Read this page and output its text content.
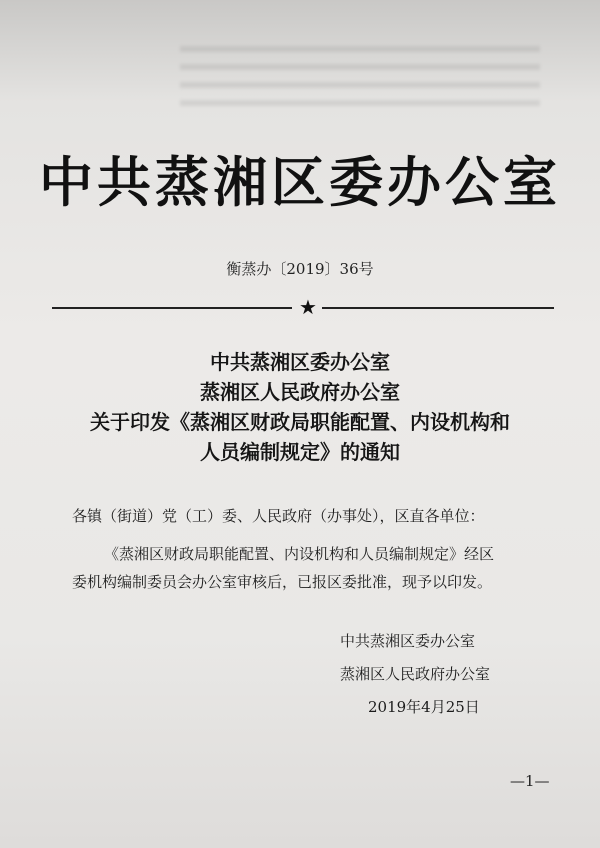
中共蒸湘区委办公室
衡蒸办〔2019〕36号
★
中共蒸湘区委办公室
蒸湘区人民政府办公室
关于印发《蒸湘区财政局职能配置、内设机构和
人员编制规定》的通知
各镇（街道）党（工）委、人民政府（办事处），区直各单位：
《蒸湘区财政局职能配置、内设机构和人员编制规定》经区
委机构编制委员会办公室审核后，已报区委批准，现予以印发。
中共蒸湘区委办公室
蒸湘区人民政府办公室
2019年4月25日
—1—
